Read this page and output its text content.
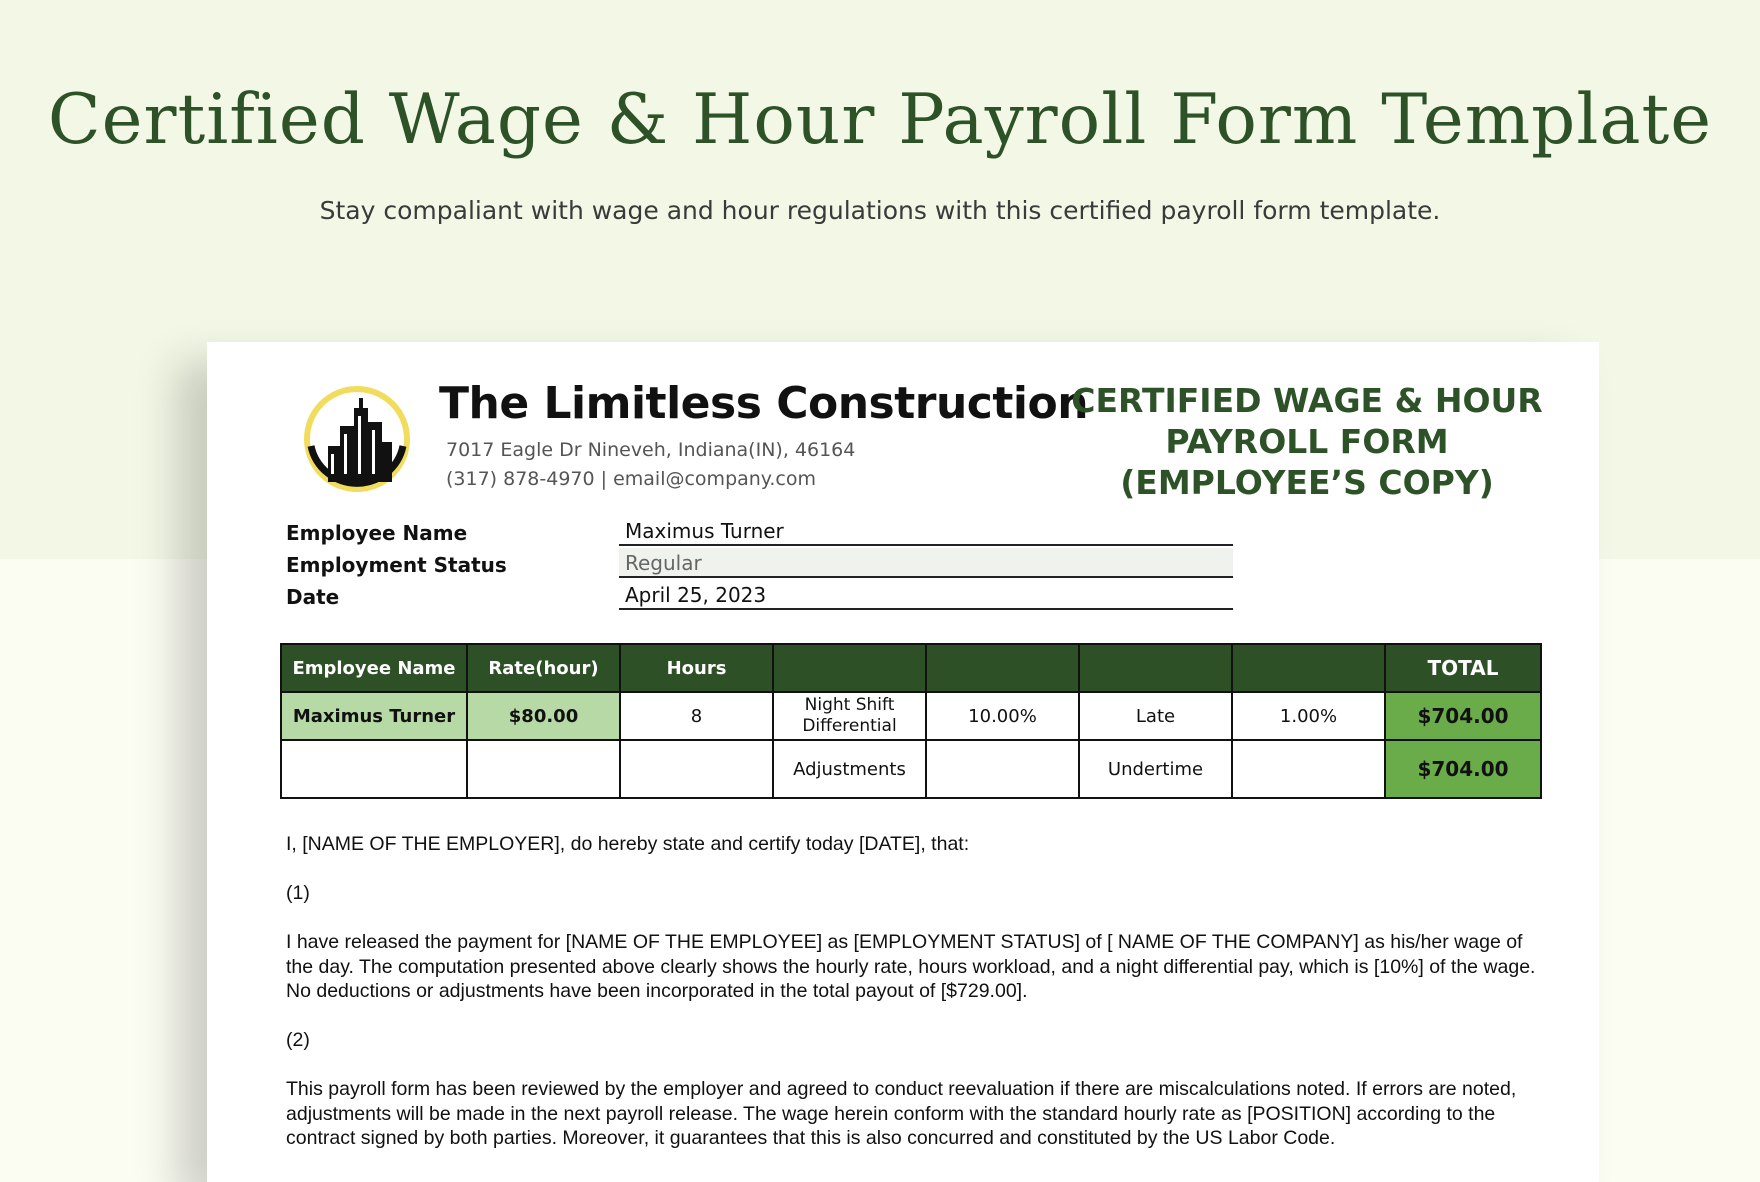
Certified Wage & Hour Payroll Form Template
Stay compaliant with wage and hour regulations with this certified payroll form template.
The Limitless Construction
7017 Eagle Dr Nineveh, Indiana(IN), 46164
(317) 878-4970 | email@company.com
CERTIFIED WAGE & HOUR
PAYROLL FORM
(EMPLOYEE’S COPY)
Employee Name	Maximus Turner
Employment Status	Regular
Date	April 25, 2023
Employee Name	Rate(hour)	Hours					TOTAL
Maximus Turner	$80.00	8	Night Shift Differential	10.00%	Late	1.00%	$704.00
			Adjustments		Undertime		$704.00
I, [NAME OF THE EMPLOYER], do hereby state and certify today [DATE], that:
(1)
I have released the payment for [NAME OF THE EMPLOYEE] as [EMPLOYMENT STATUS] of [ NAME OF THE COMPANY] as his/her wage of the day. The computation presented above clearly shows the hourly rate, hours workload, and a night differential pay, which is [10%] of the wage. No deductions or adjustments have been incorporated in the total payout of [$729.00].
(2)
This payroll form has been reviewed by the employer and agreed to conduct reevaluation if there are miscalculations noted. If errors are noted, adjustments will be made in the next payroll release. The wage herein conform with the standard hourly rate as [POSITION] according to the contract signed by both parties. Moreover, it guarantees that this is also concurred and constituted by the US Labor Code.
